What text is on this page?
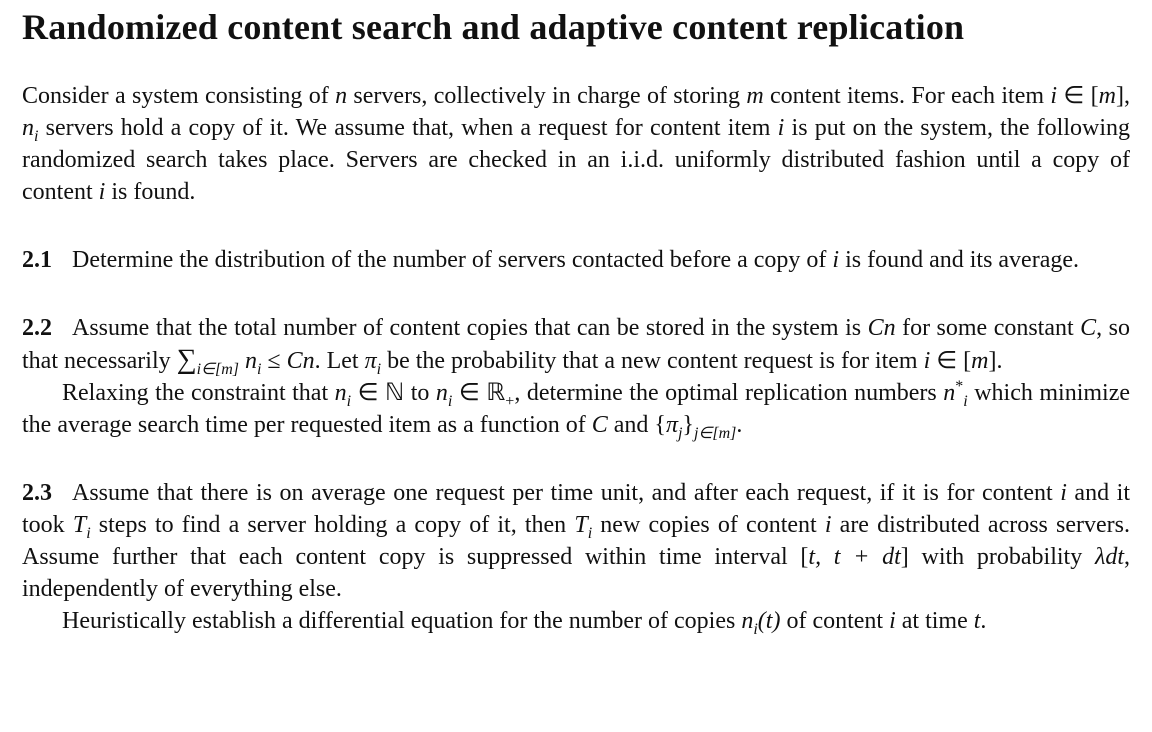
Randomized content search and adaptive content replication

Consider a system consisting of n servers, collectively in charge of storing m content items. For each item i ∈ [m], $n_i$ servers hold a copy of it. We assume that, when a request for content item i is put on the system, the following randomized search takes place. Servers are checked in an i.i.d. uniformly distributed fashion until a copy of content i is found.

2.1 Determine the distribution of the number of servers contacted before a copy of i is found and its average.

2.2 Assume that the total number of content copies that can be stored in the system is Cn for some constant C, so that necessarily $\sum_{i\in[m]}$ $n_i \le Cn$. Let $\pi_i$ be the probability that a new content request is for item i ∈ [m].

Relaxing the constraint that $n_i$ ∈ ℕ to $n_i$ ∈ ℝ$_+$, determine the optimal replication numbers $n^*_i$ which minimize the average search time per requested item as a function of C and $\{\pi_j\}_{j\in[m]}$.

2.3 Assume that there is on average one request per time unit, and after each request, if it is for content i and it took $T_i$ steps to find a server holding a copy of it, then $T_i$ new copies of content i are distributed across servers. Assume further that each content copy is suppressed within time interval [t, t + dt] with probability λdt, independently of everything else.

Heuristically establish a differential equation for the number of copies $n_i(t)$ of content i at time t.
